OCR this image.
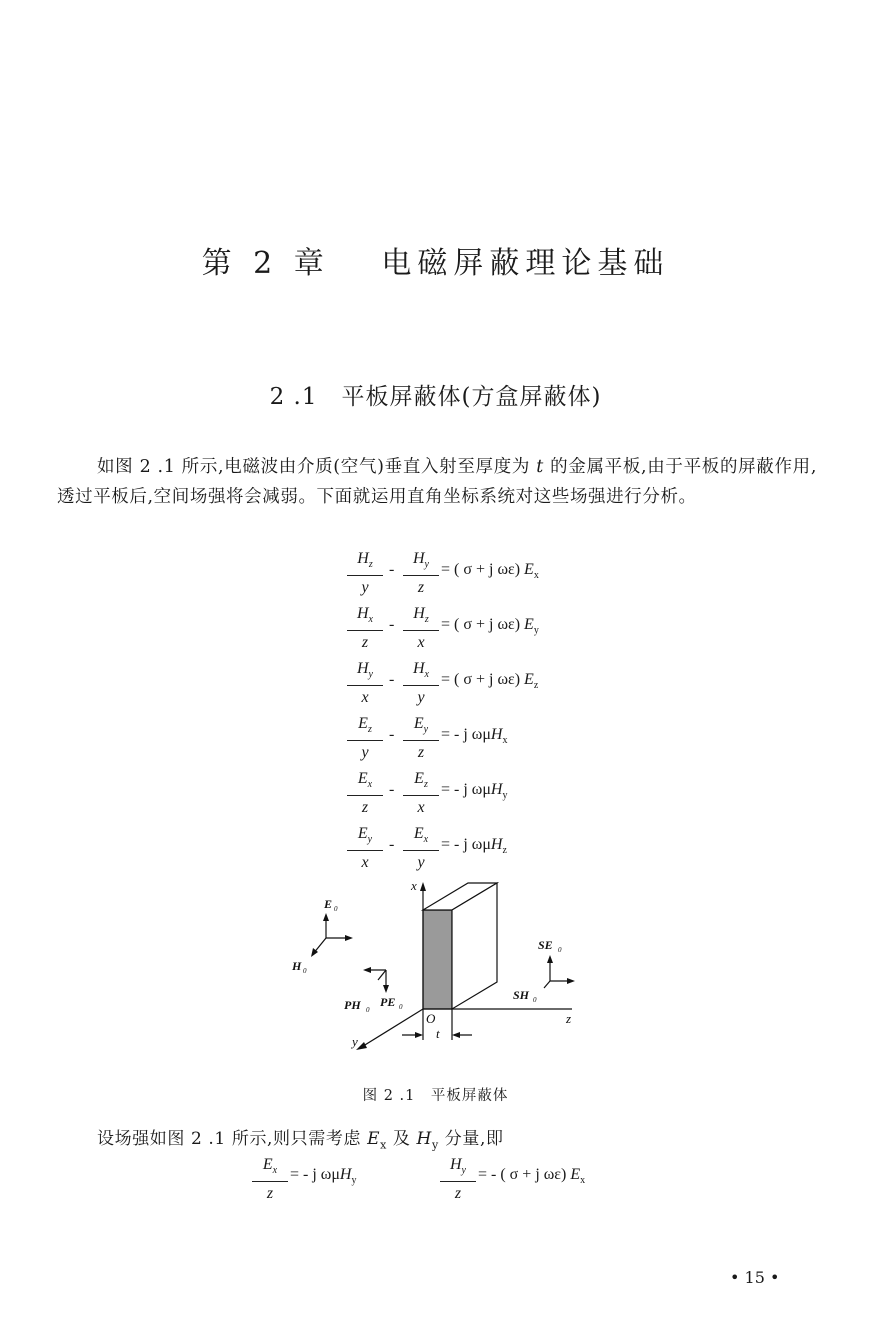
第 2 章　 电磁屏蔽理论基础
2 .1　平板屏蔽体(方盒屏蔽体)

如图 2 .1 所示,电磁波由介质(空气)垂直入射至厚度为 t 的金属平板,由于平板的屏蔽作用,透过平板后,空间场强将会减弱。下面就运用直角坐标系统对这些场强进行分析。

$\frac{H_z}{y} - \frac{H_y}{z}$ = ( σ + j ωε) $E_x$
$\frac{H_x}{z} - \frac{H_z}{x}$ = ( σ + j ωε) $E_y$
$\frac{H_y}{x} - \frac{H_x}{y}$ = ( σ + j ωε) $E_z$
$\frac{E_z}{y} - \frac{E_y}{z}$ = - j ωμH$_x$
$\frac{E_x}{z} - \frac{E_z}{x}$ = - j ωμH$_y$
$\frac{E_y}{x} - \frac{E_x}{y}$ = - j ωμH$_z$
x
y
z
O
t
E 0
H 0
PH 0
PE 0
SE 0
SH 0
图 2 .1　平板屏蔽体
设场强如图 2 .1 所示,则只需考虑 $E_x$ 及 $H_y$ 分量,即
$\frac{E_x}{z}$ = - j ωμH$_y$	$\frac{H_y}{z}$ = - ( σ + j ωε) $E_x$
• 15 •
